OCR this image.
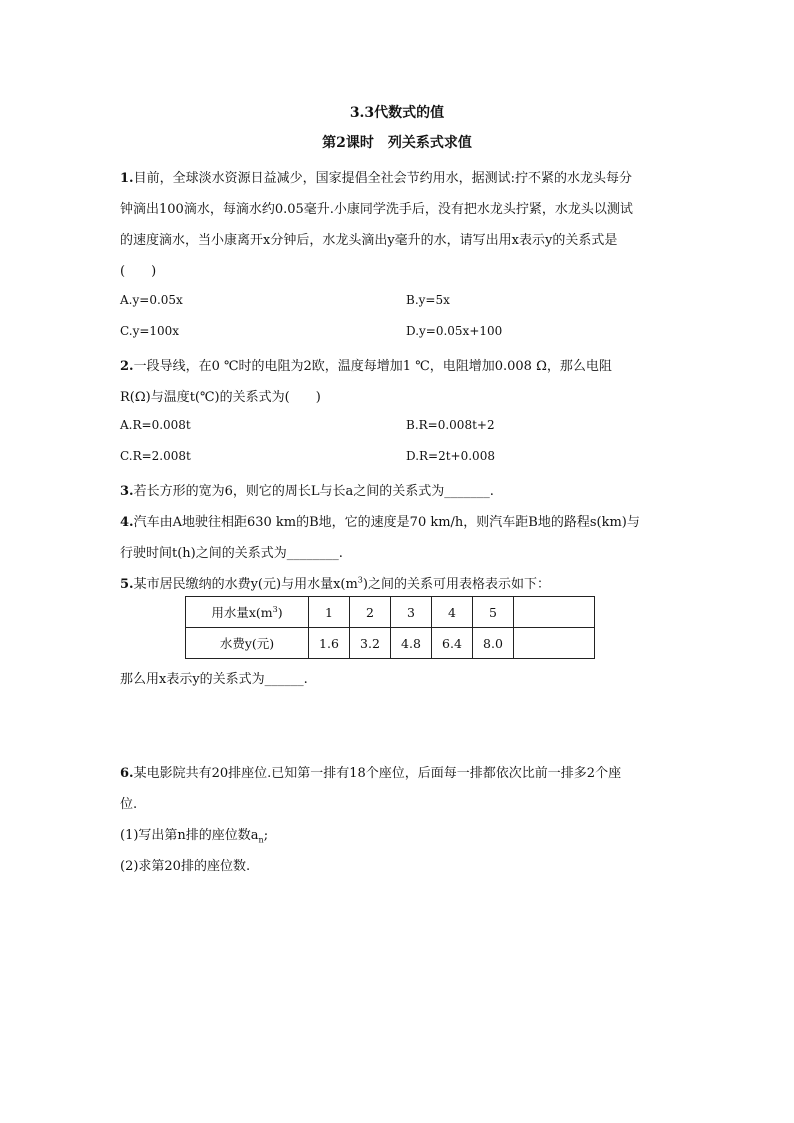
3.3代数式的值
第2课时　列关系式求值
1.目前，全球淡水资源日益减少，国家提倡全社会节约用水，据测试:拧不紧的水龙头每分
钟滴出100滴水，每滴水约0.05毫升.小康同学洗手后，没有把水龙头拧紧，水龙头以测试
的速度滴水，当小康离开x分钟后，水龙头滴出y毫升的水，请写出用x表示y的关系式是
(　　)
A.y=0.05x	B.y=5x
C.y=100x	D.y=0.05x+100
2.一段导线，在0 ℃时的电阻为2欧，温度每增加1 ℃，电阻增加0.008 Ω，那么电阻
R(Ω)与温度t(℃)的关系式为(　　)
A.R=0.008t	B.R=0.008t+2
C.R=2.008t	D.R=2t+0.008
3.若长方形的宽为6，则它的周长L与长a之间的关系式为_______.
4.汽车由A地驶往相距630 km的B地，它的速度是70 km/h，则汽车距B地的路程s(km)与
行驶时间t(h)之间的关系式为________.
5.某市居民缴纳的水费y(元)与用水量$x(m^3)$之间的关系可用表格表示如下：
用水量$x(m^3)$	1	2	3	4	5	
水费y(元)	1.6	3.2	4.8	6.4	8.0	
那么用x表示y的关系式为______.
6.某电影院共有20排座位.已知第一排有18个座位，后面每一排都依次比前一排多2个座
位.
(1)写出第n排的座位数$a_n$;
(2)求第20排的座位数.
